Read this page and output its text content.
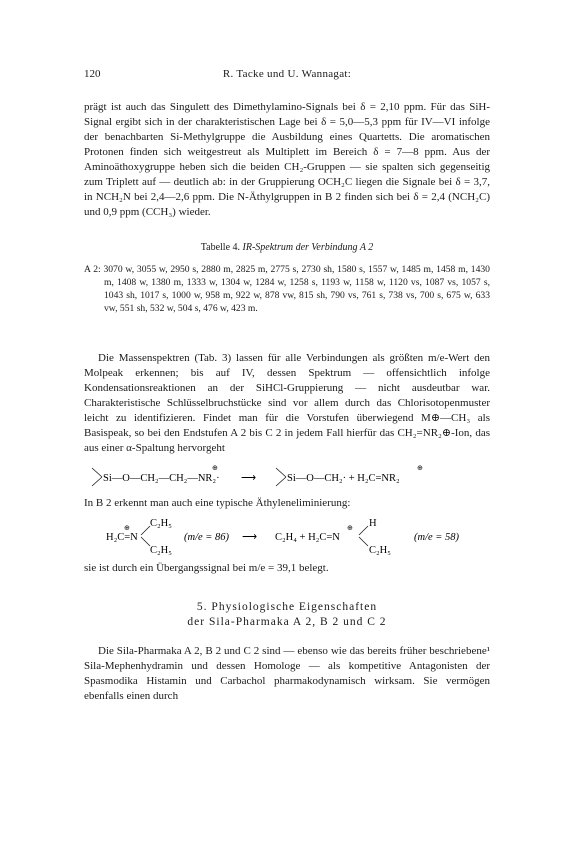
120	R. Tacke und U. Wannagat:

prägt ist auch das Singulett des Dimethylamino-Signals bei δ = 2,10 ppm. Für das SiH-Signal ergibt sich in der charakteristischen Lage bei δ = 5,0—5,3 ppm für IV—VI infolge der benachbarten Si-Methylgruppe die Ausbildung eines Quartetts. Die aromatischen Protonen finden sich weitgestreut als Multiplett im Bereich δ = 7—8 ppm. Aus der Aminoäthoxygruppe heben sich die beiden CH₂-Gruppen — sie spalten sich gegenseitig zum Triplett auf — deutlich ab: in der Gruppierung OCH₂C liegen die Signale bei δ = 3,7, in NCH₂N bei 2,4—2,6 ppm. Die N-Äthylgruppen in B 2 finden sich bei δ = 2,4 (NCH₂C) und 0,9 ppm (CCH₃) wieder.

Tabelle 4. IR-Spektrum der Verbindung A 2
A 2: 3070 w, 3055 w, 2950 s, 2880 m, 2825 m, 2775 s, 2730 sh, 1580 s, 1557 w, 1485 m, 1458 m, 1430 m, 1408 w, 1380 m, 1333 w, 1304 w, 1284 w, 1258 s, 1193 w, 1158 w, 1120 vs, 1087 vs, 1057 s, 1043 sh, 1017 s, 1000 w, 958 m, 922 w, 878 vw, 815 sh, 790 vs, 761 s, 738 vs, 700 s, 675 w, 633 vw, 551 sh, 532 w, 504 s, 476 w, 423 m.

Die Massenspektren (Tab. 3) lassen für alle Verbindungen als größten m/e-Wert den Molpeak erkennen; bis auf IV, dessen Spektrum — offensichtlich infolge Kondensationsreaktionen an der SiHCl-Gruppierung — nicht ausdeutbar war. Charakteristische Schlüsselbruchstücke sind vor allem durch das Chlorisotopenmuster leicht zu identifizieren. Findet man für die Vorstufen überwiegend M⊕—CH₃ als Basispeak, so bei den Endstufen A 2 bis C 2 in jedem Fall hierfür das CH₂=NR₂⊕-Ion, das aus einer α-Spaltung hervorgeht

Si—O—CH₂—CH₂—NR₂·
⊕
⟶	Si—O—CH₂· + H₂C=NR₂
⊕

In B 2 erkennt man auch eine typische Äthyleneliminierung:

H₂C=N
⊕ C₂H₅
C₂H₅
(m/e = 86) ⟶ C₂H₄ + H₂C=N
⊕ H
C₂H₅
(m/e = 58)

sie ist durch ein Übergangssignal bei m/e = 39,1 belegt.

5. Physiologische Eigenschaften
der Sila-Pharmaka A 2, B 2 und C 2

Die Sila-Pharmaka A 2, B 2 und C 2 sind — ebenso wie das bereits früher beschriebene¹ Sila-Mephenhydramin und dessen Homologe — als kompetitive Antagonisten der Spasmodika Histamin und Carbachol pharmakodynamisch wirksam. Sie vermögen ebenfalls einen durch
